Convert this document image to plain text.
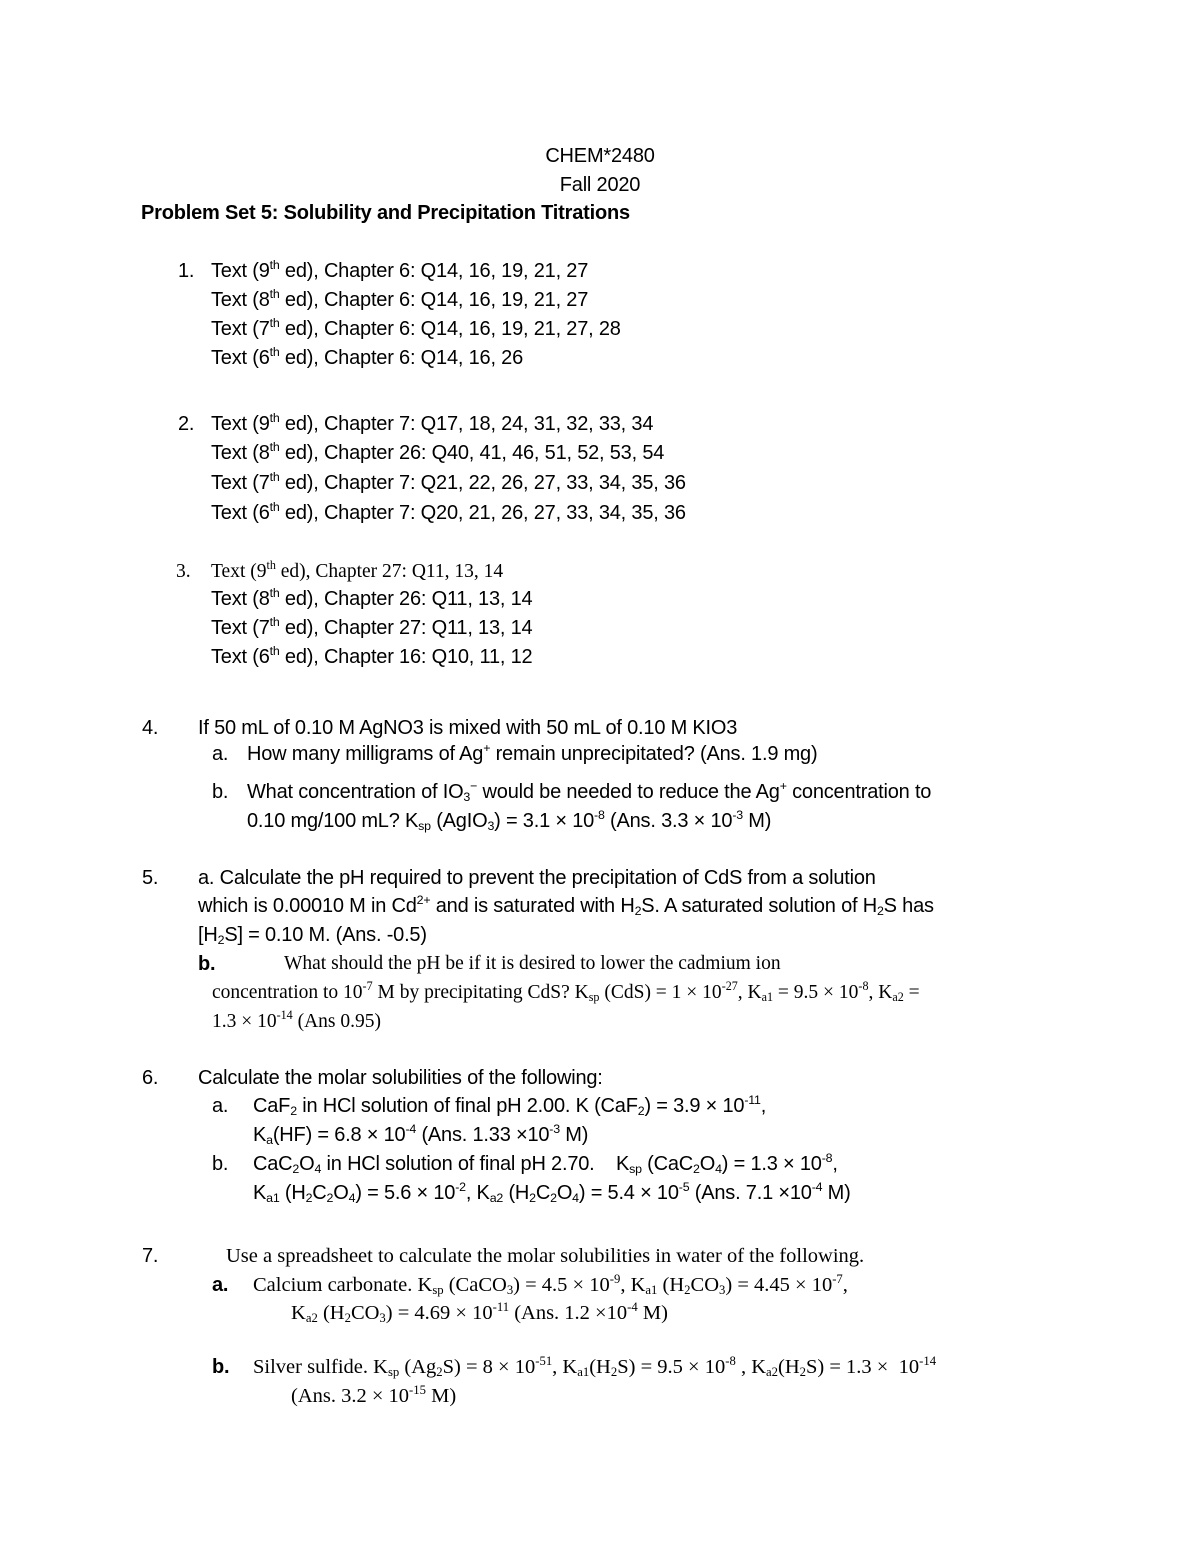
CHEM*2480
Fall 2020
Problem Set 5: Solubility and Precipitation Titrations
1. Text (9th ed), Chapter 6: Q14, 16, 19, 21, 27
Text (8th ed), Chapter 6: Q14, 16, 19, 21, 27
Text (7th ed), Chapter 6: Q14, 16, 19, 21, 27, 28
Text (6th ed), Chapter 6: Q14, 16, 26
2. Text (9th ed), Chapter 7: Q17, 18, 24, 31, 32, 33, 34
Text (8th ed), Chapter 26: Q40, 41, 46, 51, 52, 53, 54
Text (7th ed), Chapter 7: Q21, 22, 26, 27, 33, 34, 35, 36
Text (6th ed), Chapter 7: Q20, 21, 26, 27, 33, 34, 35, 36
3. Text (9th ed), Chapter 27: Q11, 13, 14
Text (8th ed), Chapter 26: Q11, 13, 14
Text (7th ed), Chapter 27: Q11, 13, 14
Text (6th ed), Chapter 16: Q10, 11, 12
4. If 50 mL of 0.10 M AgNO3 is mixed with 50 mL of 0.10 M KIO3
a. How many milligrams of Ag+ remain unprecipitated? (Ans. 1.9 mg)
b. What concentration of $IO_3^-$ would be needed to reduce the Ag+ concentration to
0.10 mg/100 mL? $K_{sp}$ (AgIO$_3$) = $3.1 \times 10^{-8}$ (Ans. $3.3 \times 10^{-3}$ M)
5. a. Calculate the pH required to prevent the precipitation of CdS from a solution
which is 0.00010 M in $Cd^{2+}$ and is saturated with $H_2S$. A saturated solution of $H_2S$ has
$[H_2S] = 0.10$ M. (Ans. -0.5)
b.	What should the pH be if it is desired to lower the cadmium ion
concentration to $10^{-7}$ M by precipitating CdS? $K_{sp}$ $(CdS) = 1 \times 10^{-27}$, $K_{a1} = 9.5 \times 10^{-8}$, $K_{a2}$ =
$1.3 \times 10^{-14}$ (Ans 0.95)
6. Calculate the molar solubilities of the following:
a. CaF$_2$ in HCl solution of final pH 2.00. K $(CaF_2) = 3.9 \times 10^{-11}$,
$K_a(HF) = 6.8 \times 10^{-4}$ (Ans. $1.33 \times 10^{-3}$ M)
b. $CaC_2O_4$ in HCl solution of final pH 2.70.    $K_{sp}$ $(CaC_2O_4) = 1.3 \times 10^{-8}$,
$K_{a1}$ $(H_2C_2O_4) = 5.6 \times 10^{-2}$, $K_{a2}$ $(H_2C_2O_4) = 5.4 \times 10^{-5}$ (Ans. $7.1 \times 10^{-4}$ M)
7.	Use a spreadsheet to calculate the molar solubilities in water of the following.
a. Calcium carbonate. $K_{sp}$ (CaCO$_3$) = $4.5 \times 10^{-9}$, $K_{a1}$ $(H_2CO_3) = 4.45 \times 10^{-7}$,
$K_{a2}$ $(H_2CO_3) = 4.69 \times 10^{-11}$ (Ans. $1.2 \times 10^{-4}$ M)
b. Silver sulfide. $K_{sp}$ $(Ag_2S) = 8 \times 10^{-51}$, $K_{a1}(H_2S) = 9.5 \times 10^{-8}$ , $K_{a2}(H_2S) = 1.3 \times 10^{-14}$
(Ans. $3.2 \times 10^{-15}$ M)
